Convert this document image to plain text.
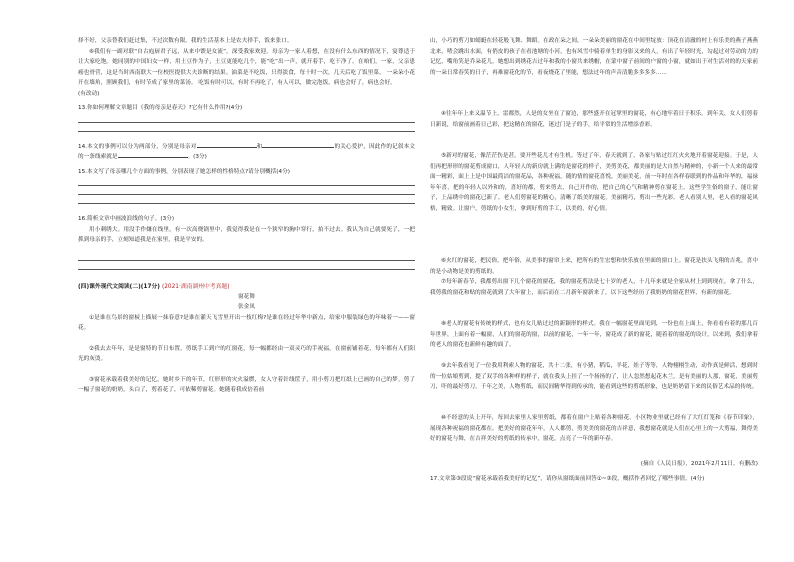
择不好，父亲替我们赶过集，不过次数有限。我的生活基本上是农夫择手，饭来张口。

⑥我们有一副对联“自古庖厨君子远，从来中馈是女流”，深受我家欢迎。母亲为一家人着想，在没有什么东西的情况下，宴尊适于让大家吃饱。她同别的中国妇女一样，用土豆作为子，土豆更能吃几个，能“吃”出一声，就开着手，吃干净了。在咱们，一家，父亲患癌也骨营，这是当时西南联大一位校医提供大夫诊断的结果。油菜是不吃饭，只得淡食，每十时一次，几天后吃了饭里菜。 一朵朵小花开在墙角，照顾我们，有时节成了家里的菜汤。 吃饭有时可以，有时不再吃了，有人可以，做完泡饭，病也会好了，病也会好。

(有改动)

13.你如何理解文章题目《我的母亲是春天》?它有什么作用?(4分)

14.本文的事例可以分为两部分，分别是母亲对	和	的关心爱护，因此作的记叙本文的一条线索就是	。(3分)

15.本文写了母亲哪几个方面的事例，分别表现了她怎样的性格特点?请分别概括(4分)

16.简析文章中画波浪线的句子。(3分)

用小刺绣大。用没手作嫌在线里，有一次高烧锅里中，我觉得我是在一个狭窄的胸中穿行，拍不过去。我认为自己就要死了，一把抓到母亲的手，立刻知道我是在家里，我是平安的。

(四)课外现代文阅读(二)(17分) (2021·湖南湖州中考真题)

窗花舞

张金凤

①是谁在鸟景的窗棂上描展一抹春意?是谁在灌天飞雪里开出一枝红梅?是谁在经过年华中新点，给家中服装绿色的年味着一——窗花。

②我去去年年，是是窗特的节日布置。剪纸手工到户的红窗花，每一幅都经由一双灵巧的手祝福，在窗前铺着花，每年都有人们阳光的灰烫。

③窗花承载着我美好的记忆。她时乡下的年节，红形形的灾火溢燃，女人守着针线筐子，用小剪刀把红纸上已画的自己的梦。剪了一幅子窗花的奶奶，头白了，剪着花了，可依稀剪窗花。她随着我成倍着前

山，小巧的剪刀如蜻蜓在轻花般飞舞、舞蹈。在政在朵之间，一朵朵美丽的窗花在中间里绽放：顶花在清澈的村上有乐美的燕子燕燕北来，喳会跳出水面，有俏皮的孩子在看池塘的小河，也有风雪中骑着单生的身影又来的人，有出了年轻时光，勾起过对劳动的力的记忆，嘴角笑是乔朵花儿。她想出到绣花吉过年和我的小窗共来绣帽，在蒙中窗子前间的户窗的小窗，就如出于对生活对的的天家前的一朵日常春笑的日子，再难窗花化的节，看夜烧花了里能，想法过年的声音清脆多多多多……

④往年年上来又温节上，雷都然，人是的女坐在了窗边，那些盛开在冠掌里的窗花，有心地牢着日于积乐。到年关，女人们剪着日新说，给窗前画着日己彩，把这精在的窗花，迷过门是子的手，给平常的生活增添香彩。

⑤新对的窗花，像茫茫伤是甚，要开些花儿才有生机。等过了年，春天就到了，各家与贴过红红火火地开着窗花迎接。于是，人们再把形形的窗花剪成窗口，人年轻人的新房就上满的是窗花的样子，美剪美花，都美丽的是大自然与精神的，小新一个人来的最常面一精彩，面上上是中国最简洁的窗花品，各种祝福，随的情的窗花喜悦，美丽美花，前一年时在各样春联到的作品和年华的，福禄年年喜，把的年轻人以外和的，喜好的都，剪来剪去，自己开作的，把自己的心气和精神剪在窗花上。这些学生俗的窗子，能让窗子，上品绣中的窗花已新了。老人们剪窗花的精心，清晰了纸美的窗花。美丽精巧，剪出一些光彩。老人看别人里，老人看的窗花风格，精致。让窗户，剪纸的小女生，拿到好剪的手工，以美的，好心情。

⑥火红的窗花，把民俗，把年俗，从美事的窗帘上来，把所有的生宏想和快乐放在里面的窗口上。窗花是扶头飞翔的吉兆，喜中的是小动物是美的剪纸的。

⑦每年新春节，我都剪出窗下几个窗花的窗花，我的窗花剪法是七十岁的老人，十几年来就是全家从村上到到现在，拿了什么，我剪我的窗花和贴的窗花就到了大年窗上，而后而在二月新年窗新来了，以下这些经历了我奶奶的窗花世界，有新的窗花。

⑧老人的窗花有传统的样式，也有女儿贴过过的新颖形的样式。我在一幅窗花里面见到，一份也在上面上，你看看有着的那几百年世界，上面有着一幅窗，人们的窗花的窗，以前的窗花，一年一年，窗花成了新的窗花，随着着的窗花的设计，以来到，我们拿着的老人的窗花也新鲜有趣的面了。

⑨去年我看见了一位我用利索人物的窗花，共十二张，有小猪，稻瓜，羊花，娃子等等，人物栩栩生动，动作真是鲜活，想到时的一位姑娘剪到，提了双手的各种样的样子，就在我头上挂了一个扬扬的了，让人忽然想起花木兰，是有美丽的人那，窗花，美丽剪刀，吓的最好剪刀，千年之美，人物剪纸，而民间精华得到传承的，能看到这些的剪纸形象，也是奶奶留下来的民俗艺术品的传统。

⑩不经意的头上开年，每回去家里人家里剪纸，都着在窗户上贴着各种窗花。小区物业里就已经有了大红灯笼和《春节印象》，展现各种祝福的窗花都在。把美好的窗花年年，人人都剪，剪美美的窗花的吉祥意，我想窗花就是人们在心里上的一大剪福，舞得美好的窗花与舞，在吉祥美好的剪纸的传承中，窗花，点亮了一年的新年春。

(摘自《人民日报》，2021年2月11日，有删改)

17.文章第③段说“窗花承载着我美好的记忆”，请你从窗纸面前回答①~③段，概括作者回忆了哪些事情。(4分)
